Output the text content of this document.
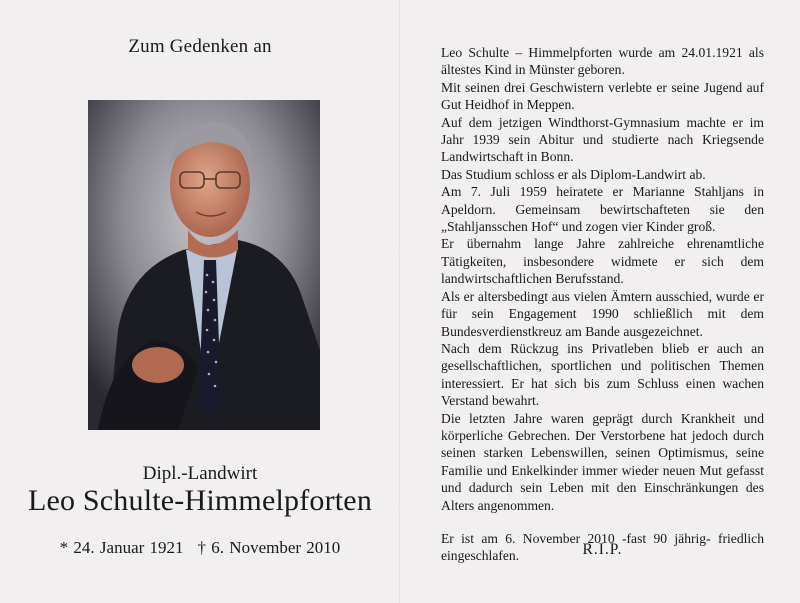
Zum Gedenken an
Dipl.-Landwirt
Leo Schulte-Himmelpforten
* 24. Januar 1921 † 6. November 2010

Leo Schulte – Himmelpforten wurde am 24.01.1921 als ältestes Kind in Münster geboren.

Mit seinen drei Geschwistern verlebte er seine Jugend auf Gut Heidhof in Meppen.

Auf dem jetzigen Windthorst-Gymnasium machte er im Jahr 1939 sein Abitur und studierte nach Kriegsende Landwirtschaft in Bonn.

Das Studium schloss er als Diplom-Landwirt ab.

Am 7. Juli 1959 heiratete er Marianne Stahljans in Apeldorn. Gemeinsam bewirtschafteten sie den „Stahljansschen Hof“ und zogen vier Kinder groß.

Er übernahm lange Jahre zahlreiche ehrenamtliche Tätigkeiten, insbesondere widmete er sich dem landwirtschaftlichen Berufsstand.

Als er altersbedingt aus vielen Ämtern ausschied, wurde er für sein Engagement 1990 schließlich mit dem Bundesverdienstkreuz am Bande ausgezeichnet.

Nach dem Rückzug ins Privatleben blieb er auch an gesellschaftlichen, sportlichen und politischen Themen interessiert. Er hat sich bis zum Schluss einen wachen Verstand bewahrt.

Die letzten Jahre waren geprägt durch Krankheit und körperliche Gebrechen. Der Verstorbene hat jedoch durch seinen starken Lebenswillen, seinen Optimismus, seine Familie und Enkelkinder immer wieder neuen Mut gefasst und dadurch sein Leben mit den Einschränkungen des Alters angenommen.

Er ist am 6. November 2010 -fast 90 jährig- friedlich eingeschlafen.	R.I.P.
